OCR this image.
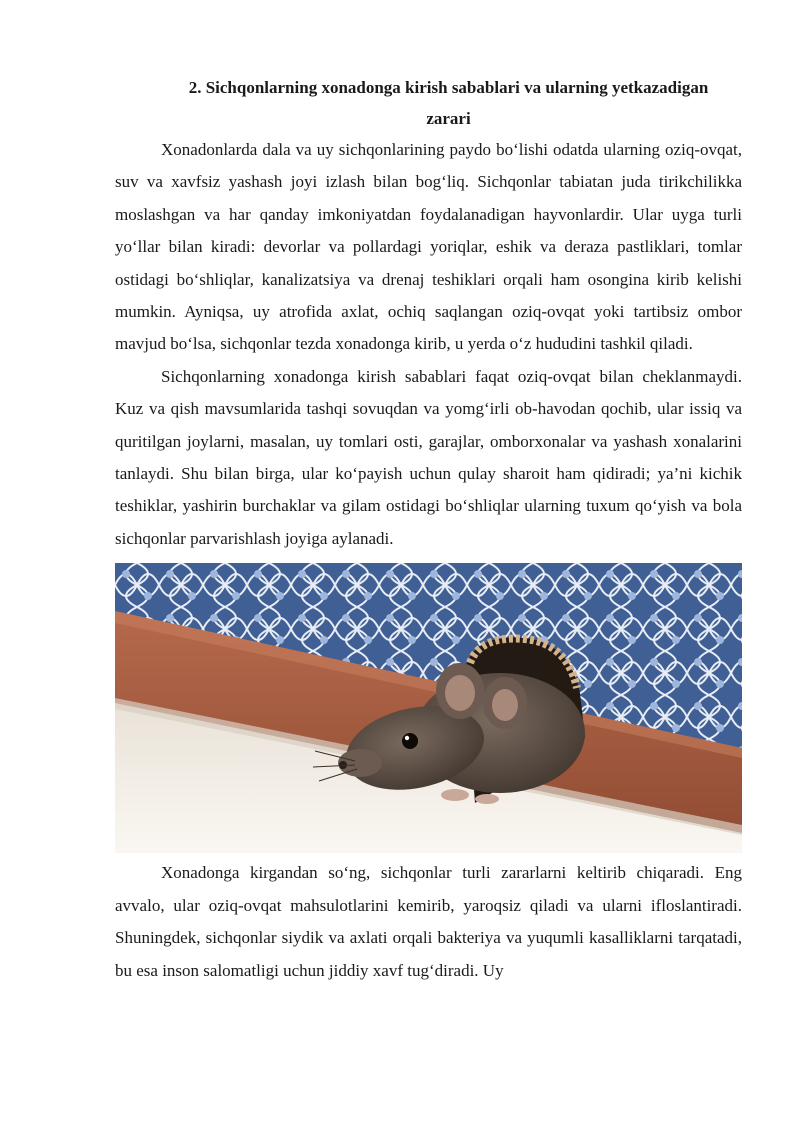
2. Sichqonlarning xonadonga kirish sabablari va ularning yetkazadigan
zarari

Xonadonlarda dala va uy sichqonlarining paydo bo‘lishi odatda ularning oziq-ovqat, suv va xavfsiz yashash joyi izlash bilan bog‘liq. Sichqonlar tabiatan juda tirikchilikka moslashgan va har qanday imkoniyatdan foydalanadigan hayvonlardir. Ular uyga turli yo‘llar bilan kiradi: devorlar va pollardagi yoriqlar, eshik va deraza pastliklari, tomlar ostidagi bo‘shliqlar, kanalizatsiya va drenaj teshiklari orqali ham osongina kirib kelishi mumkin. Ayniqsa, uy atrofida axlat, ochiq saqlangan oziq-ovqat yoki tartibsiz ombor mavjud bo‘lsa, sichqonlar tezda xonadonga kirib, u yerda o‘z hududini tashkil qiladi.

Sichqonlarning xonadonga kirish sabablari faqat oziq-ovqat bilan cheklanmaydi. Kuz va qish mavsumlarida tashqi sovuqdan va yomg‘irli ob-havodan qochib, ular issiq va quritilgan joylarni, masalan, uy tomlari osti, garajlar, omborxonalar va yashash xonalarini tanlaydi. Shu bilan birga, ular ko‘payish uchun qulay sharoit ham qidiradi; ya’ni kichik teshiklar, yashirin burchaklar va gilam ostidagi bo‘shliqlar ularning tuxum qo‘yish va bola sichqonlar parvarishlash joyiga aylanadi.

Xonadonga kirgandan so‘ng, sichqonlar turli zararlarni keltirib chiqaradi. Eng avvalo, ular oziq-ovqat mahsulotlarini kemirib, yaroqsiz qiladi va ularni ifloslantiradi. Shuningdek, sichqonlar siydik va axlati orqali bakteriya va yuqumli kasalliklarni tarqatadi, bu esa inson salomatligi uchun jiddiy xavf tug‘diradi. Uy
